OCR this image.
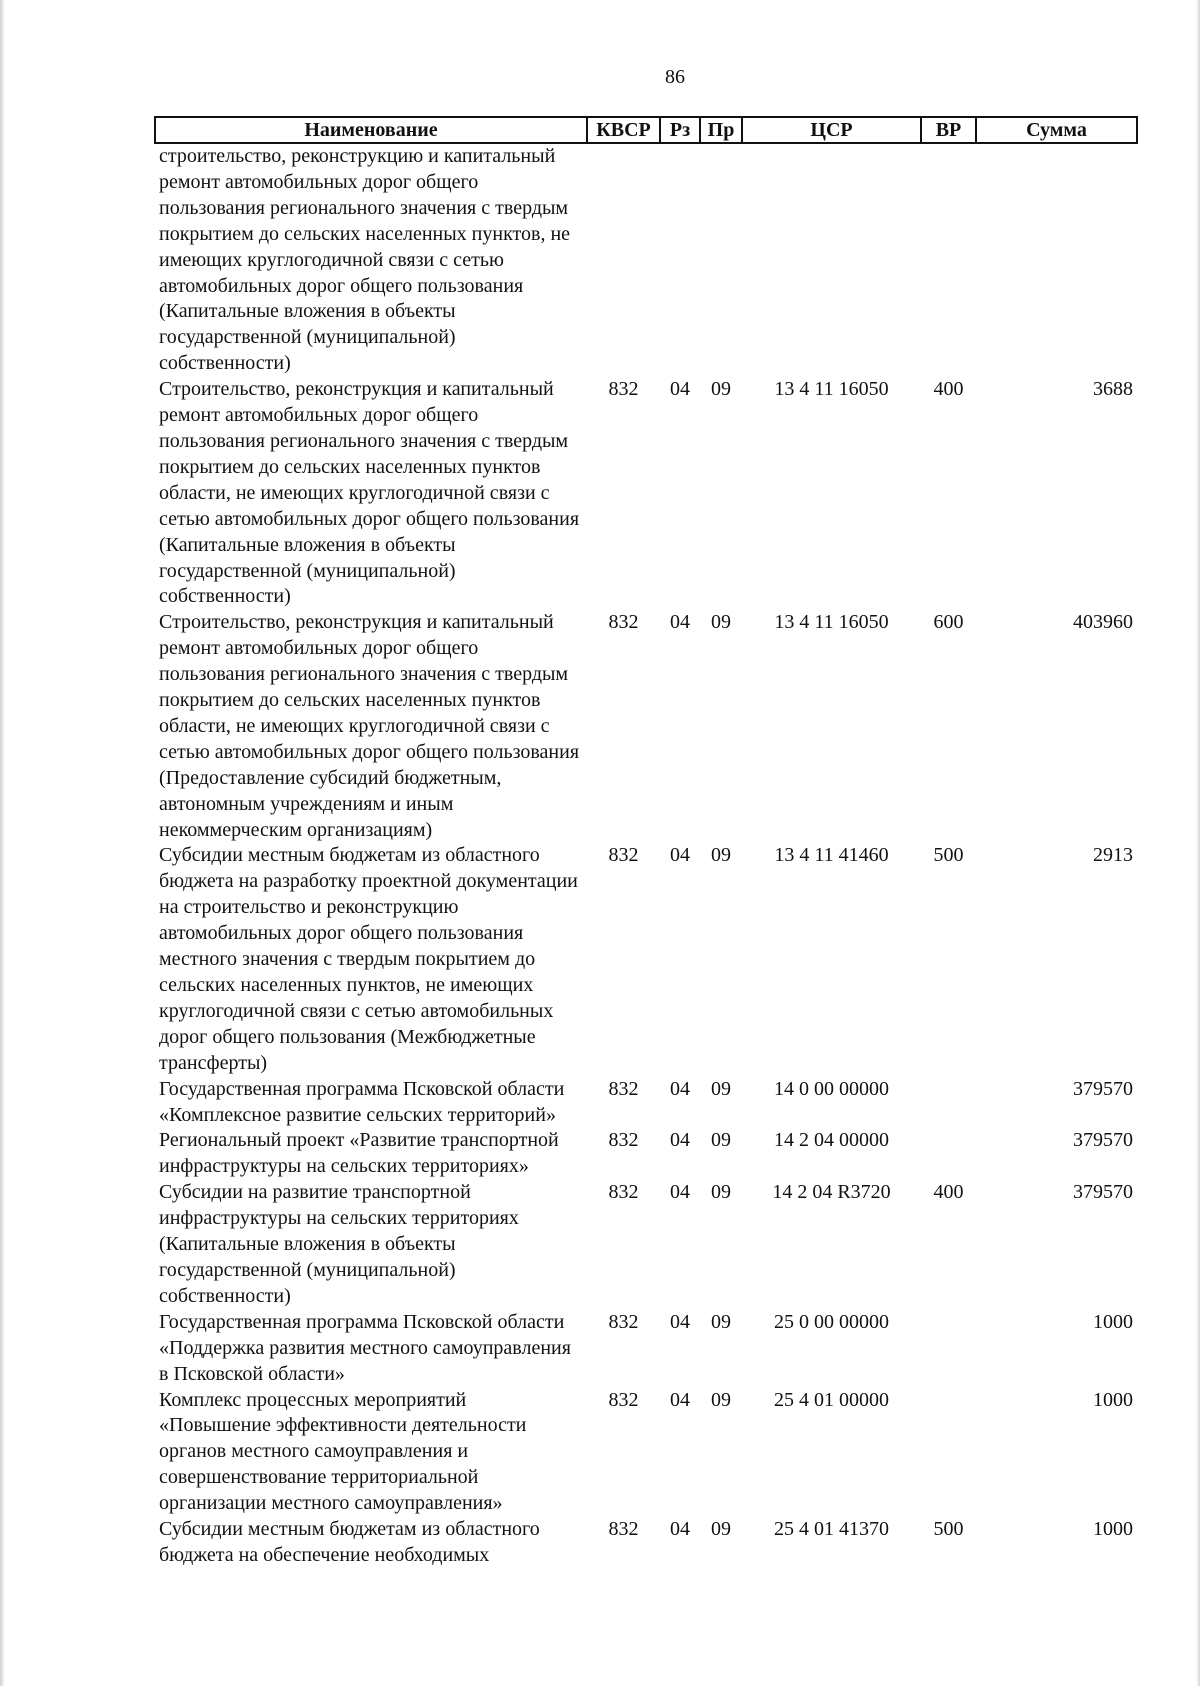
86
Наименование	КВСР	Рз	Пр	ЦСР	ВР	Сумма
строительство, реконструкцию и капитальный ремонт автомобильных дорог общего пользования регионального значения с твердым покрытием до сельских населенных пунктов, не имеющих круглогодичной связи с сетью автомобильных дорог общего пользования (Капитальные вложения в объекты государственной (муниципальной) собственности)						
Строительство, реконструкция и капитальный ремонт автомобильных дорог общего пользования регионального значения с твердым покрытием до сельских населенных пунктов области, не имеющих круглогодичной связи с сетью автомобильных дорог общего пользования (Капитальные вложения в объекты государственной (муниципальной) собственности)	832	04	09	13 4 11 16050	400	3688
Строительство, реконструкция и капитальный ремонт автомобильных дорог общего пользования регионального значения с твердым покрытием до сельских населенных пунктов области, не имеющих круглогодичной связи с сетью автомобильных дорог общего пользования (Предоставление субсидий бюджетным, автономным учреждениям и иным некоммерческим организациям)	832	04	09	13 4 11 16050	600	403960
Субсидии местным бюджетам из областного бюджета на разработку проектной документации на строительство и реконструкцию автомобильных дорог общего пользования местного значения с твердым покрытием до сельских населенных пунктов, не имеющих круглогодичной связи с сетью автомобильных дорог общего пользования (Межбюджетные трансферты)	832	04	09	13 4 11 41460	500	2913
Государственная программа Псковской области «Комплексное развитие сельских территорий»	832	04	09	14 0 00 00000		379570
Региональный проект «Развитие транспортной инфраструктуры на сельских территориях»	832	04	09	14 2 04 00000		379570
Субсидии на развитие транспортной инфраструктуры на сельских территориях (Капитальные вложения в объекты государственной (муниципальной) собственности)	832	04	09	14 2 04 R3720	400	379570
Государственная программа Псковской области «Поддержка развития местного самоуправления в Псковской области»	832	04	09	25 0 00 00000		1000
Комплекс процессных мероприятий «Повышение эффективности деятельности органов местного самоуправления и совершенствование территориальной организации местного самоуправления»	832	04	09	25 4 01 00000		1000
Субсидии местным бюджетам из областного бюджета на обеспечение необходимых	832	04	09	25 4 01 41370	500	1000
